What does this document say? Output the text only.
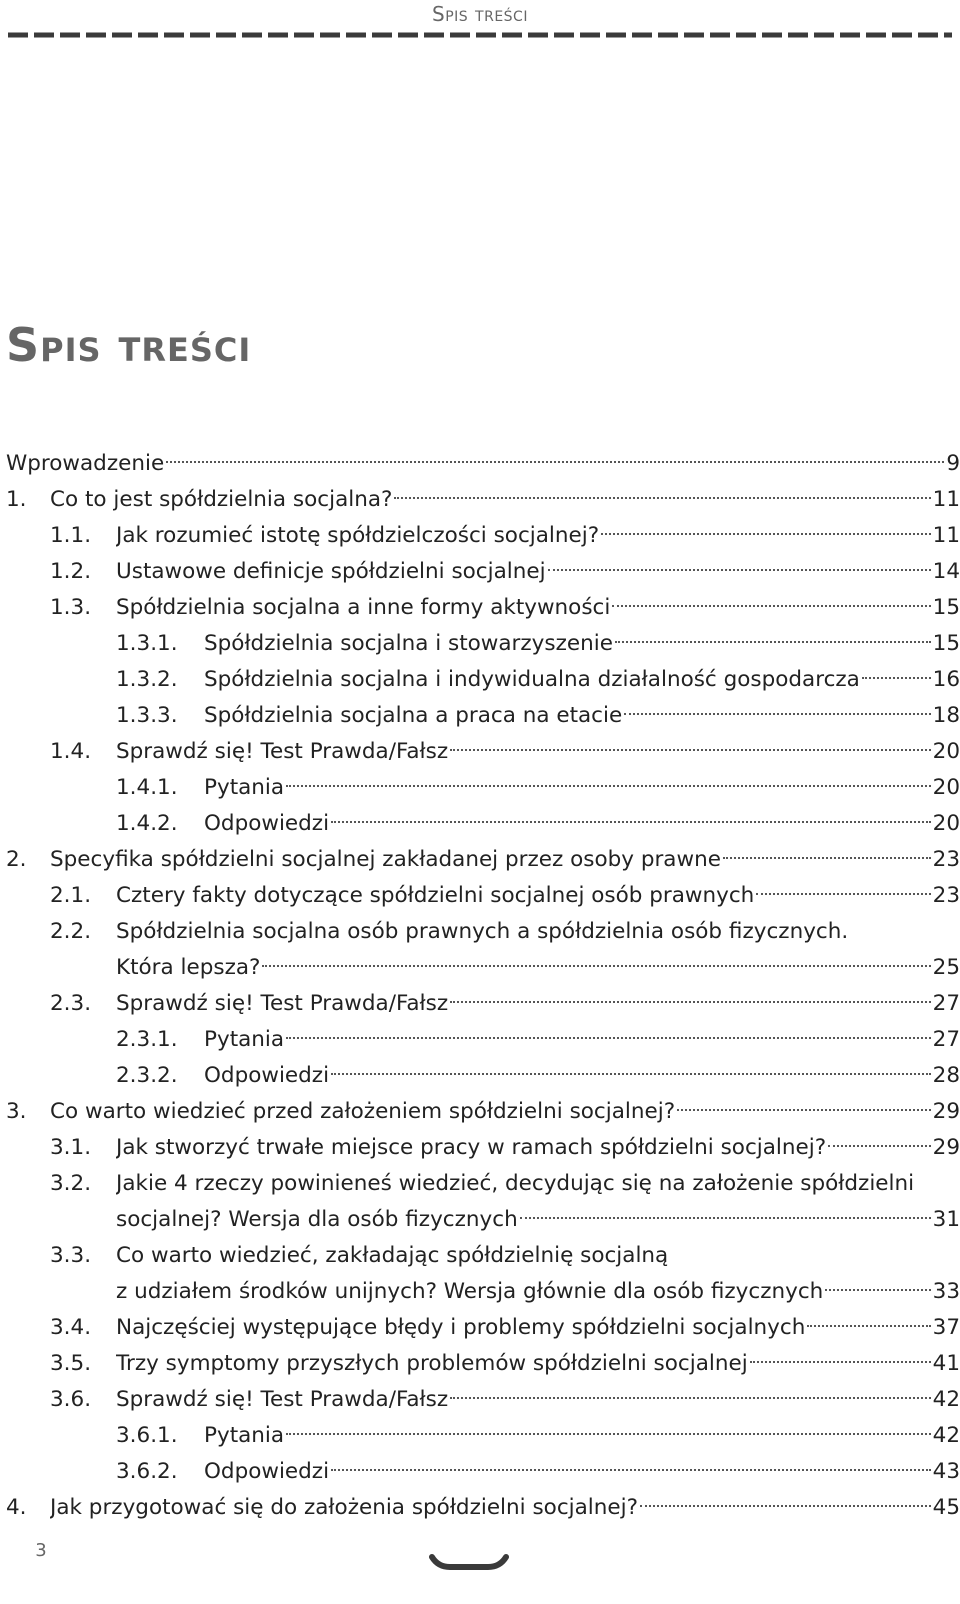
Spis treści
Spis treści
Wprowadzenie	9
1.	Co to jest spółdzielnia socjalna?	11
1.1.	Jak rozumieć istotę spółdzielczości socjalnej?	11
1.2.	Ustawowe definicje spółdzielni socjalnej	14
1.3.	Spółdzielnia socjalna a inne formy aktywności	15
1.3.1.	Spółdzielnia socjalna i stowarzyszenie	15
1.3.2.	Spółdzielnia socjalna i indywidualna działalność gospodarcza	16
1.3.3.	Spółdzielnia socjalna a praca na etacie	18
1.4.	Sprawdź się! Test Prawda/Fałsz	20
1.4.1.	Pytania	20
1.4.2.	Odpowiedzi	20
2.	Specyfika spółdzielni socjalnej zakładanej przez osoby prawne	23
2.1.	Cztery fakty dotyczące spółdzielni socjalnej osób prawnych	23
2.2.	Spółdzielnia socjalna osób prawnych a spółdzielnia osób fizycznych.
Która lepsza?	25
2.3.	Sprawdź się! Test Prawda/Fałsz	27
2.3.1.	Pytania	27
2.3.2.	Odpowiedzi	28
3.	Co warto wiedzieć przed założeniem spółdzielni socjalnej?	29
3.1.	Jak stworzyć trwałe miejsce pracy w ramach spółdzielni socjalnej?	29
3.2.	Jakie 4 rzeczy powinieneś wiedzieć, decydując się na założenie spółdzielni
socjalnej? Wersja dla osób fizycznych	31
3.3.	Co warto wiedzieć, zakładając spółdzielnię socjalną
z udziałem środków unijnych? Wersja głównie dla osób fizycznych	33
3.4.	Najczęściej występujące błędy i problemy spółdzielni socjalnych	37
3.5.	Trzy symptomy przyszłych problemów spółdzielni socjalnej	41
3.6.	Sprawdź się! Test Prawda/Fałsz	42
3.6.1.	Pytania	42
3.6.2.	Odpowiedzi	43
4.	Jak przygotować się do założenia spółdzielni socjalnej?	45
3
